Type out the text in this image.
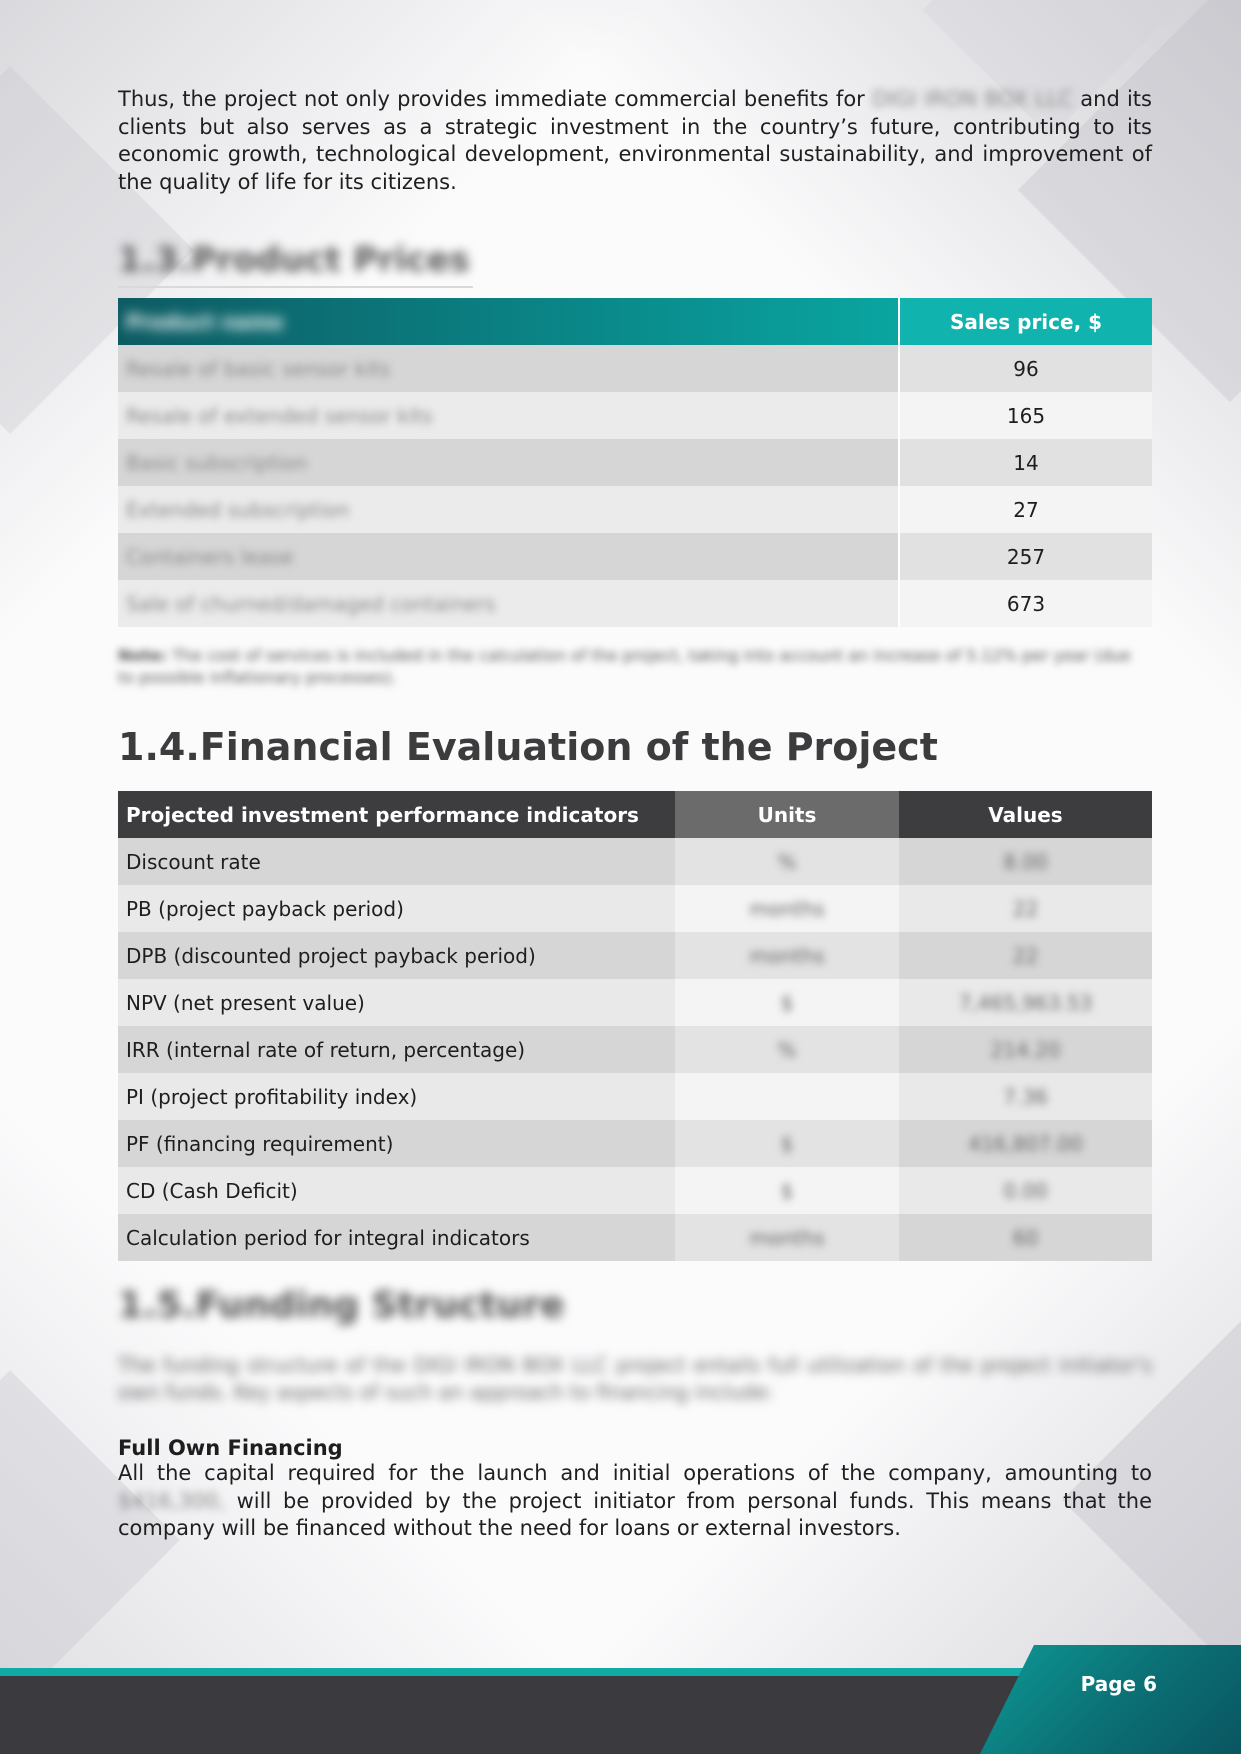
Thus, the project not only provides immediate commercial benefits for DIGI IRON BOX LLC and its clients but also serves as a strategic investment in the country’s future, contributing to its economic growth, technological development, environmental sustainability, and improvement of the quality of life for its citizens.

1.3.Product Prices
Product name	Sales price, $
Resale of basic sensor kits	96
Resale of extended sensor kits	165
Basic subscription	14
Extended subscription	27
Containers lease	257
Sale of churned/damaged containers	673
Note: The cost of services is included in the calculation of the project, taking into account an increase of 5.12% per year (due to possible inflationary processes).
1.4.Financial Evaluation of the Project
Projected investment performance indicators	Units	Values
Discount rate	%	8.00
PB (project payback period)	months	22
DPB (discounted project payback period)	months	22
NPV (net present value)	$	7,465,963.53
IRR (internal rate of return, percentage)	%	214.20
PI (project profitability index)		7.36
PF (financing requirement)	$	416,807.00
CD (Cash Deficit)	$	0.00
Calculation period for integral indicators	months	60
1.5.Funding Structure
The funding structure of the DIGI IRON BOX LLC project entails full utilization of the project initiator's own funds. Key aspects of such an approach to financing include:
Full Own Financing

All the capital required for the launch and initial operations of the company, amounting to $416,300, will be provided by the project initiator from personal funds. This means that the company will be financed without the need for loans or external investors.

Page 6
